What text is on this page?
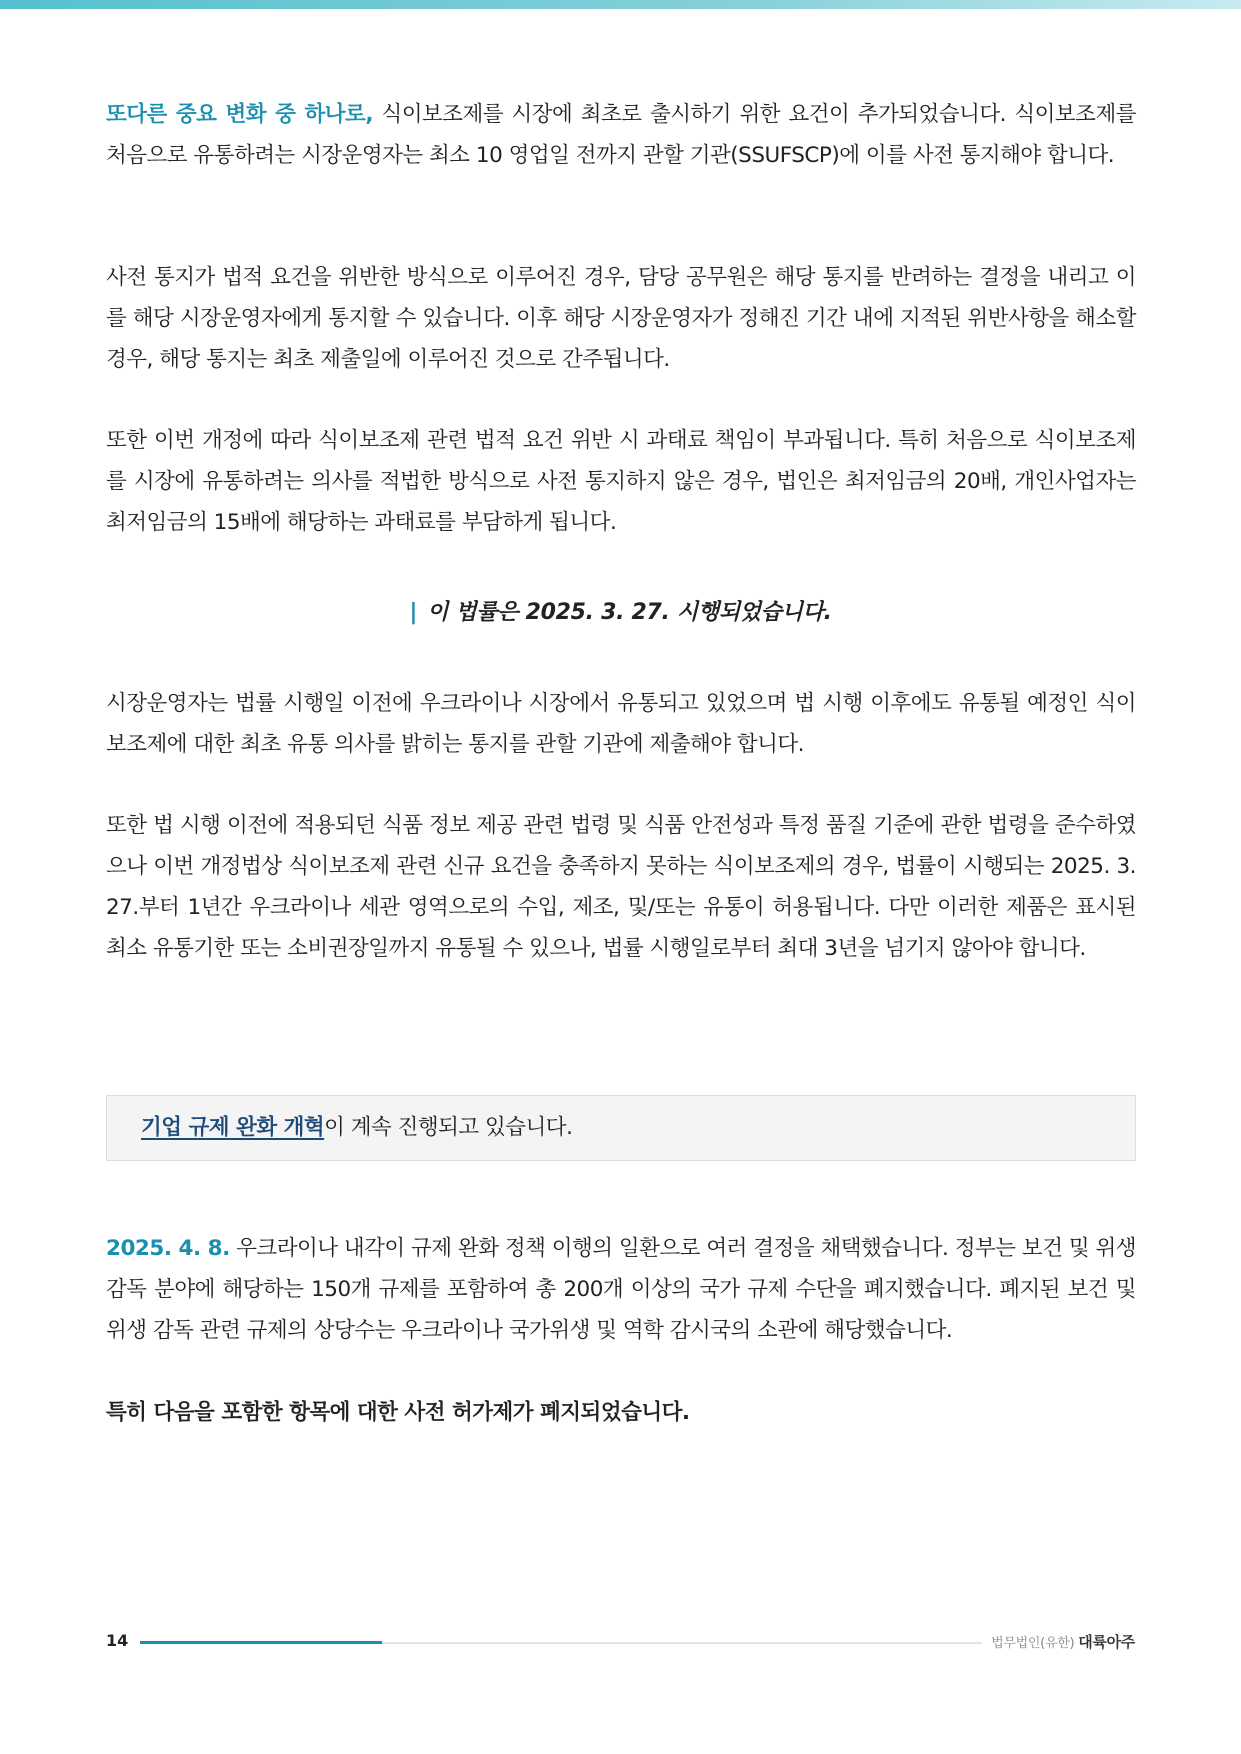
또다른 중요 변화 중 하나로, 식이보조제를 시장에 최초로 출시하기 위한 요건이 추가되었습니다. 식이보조제를 처음으로 유통하려는 시장운영자는 최소 10 영업일 전까지 관할 기관(SSUFSCP)에 이를 사전 통지해야 합니다.

사전 통지가 법적 요건을 위반한 방식으로 이루어진 경우, 담당 공무원은 해당 통지를 반려하는 결정을 내리고 이를 해당 시장운영자에게 통지할 수 있습니다. 이후 해당 시장운영자가 정해진 기간 내에 지적된 위반사항을 해소할 경우, 해당 통지는 최초 제출일에 이루어진 것으로 간주됩니다.

또한 이번 개정에 따라 식이보조제 관련 법적 요건 위반 시 과태료 책임이 부과됩니다. 특히 처음으로 식이보조제를 시장에 유통하려는 의사를 적법한 방식으로 사전 통지하지 않은 경우, 법인은 최저임금의 20배, 개인사업자는 최저임금의 15배에 해당하는 과태료를 부담하게 됩니다.

| 이 법률은 2025. 3. 27. 시행되었습니다.

시장운영자는 법률 시행일 이전에 우크라이나 시장에서 유통되고 있었으며 법 시행 이후에도 유통될 예정인 식이보조제에 대한 최초 유통 의사를 밝히는 통지를 관할 기관에 제출해야 합니다.

또한 법 시행 이전에 적용되던 식품 정보 제공 관련 법령 및 식품 안전성과 특정 품질 기준에 관한 법령을 준수하였으나 이번 개정법상 식이보조제 관련 신규 요건을 충족하지 못하는 식이보조제의 경우, 법률이 시행되는 2025. 3. 27.부터 1년간 우크라이나 세관 영역으로의 수입, 제조, 및/또는 유통이 허용됩니다. 다만 이러한 제품은 표시된 최소 유통기한 또는 소비권장일까지 유통될 수 있으나, 법률 시행일로부터 최대 3년을 넘기지 않아야 합니다.

기업 규제 완화 개혁이 계속 진행되고 있습니다.

2025. 4. 8. 우크라이나 내각이 규제 완화 정책 이행의 일환으로 여러 결정을 채택했습니다. 정부는 보건 및 위생 감독 분야에 해당하는 150개 규제를 포함하여 총 200개 이상의 국가 규제 수단을 폐지했습니다. 폐지된 보건 및 위생 감독 관련 규제의 상당수는 우크라이나 국가위생 및 역학 감시국의 소관에 해당했습니다.

특히 다음을 포함한 항목에 대한 사전 허가제가 폐지되었습니다.
14	법무법인(유한) 대륙아주
